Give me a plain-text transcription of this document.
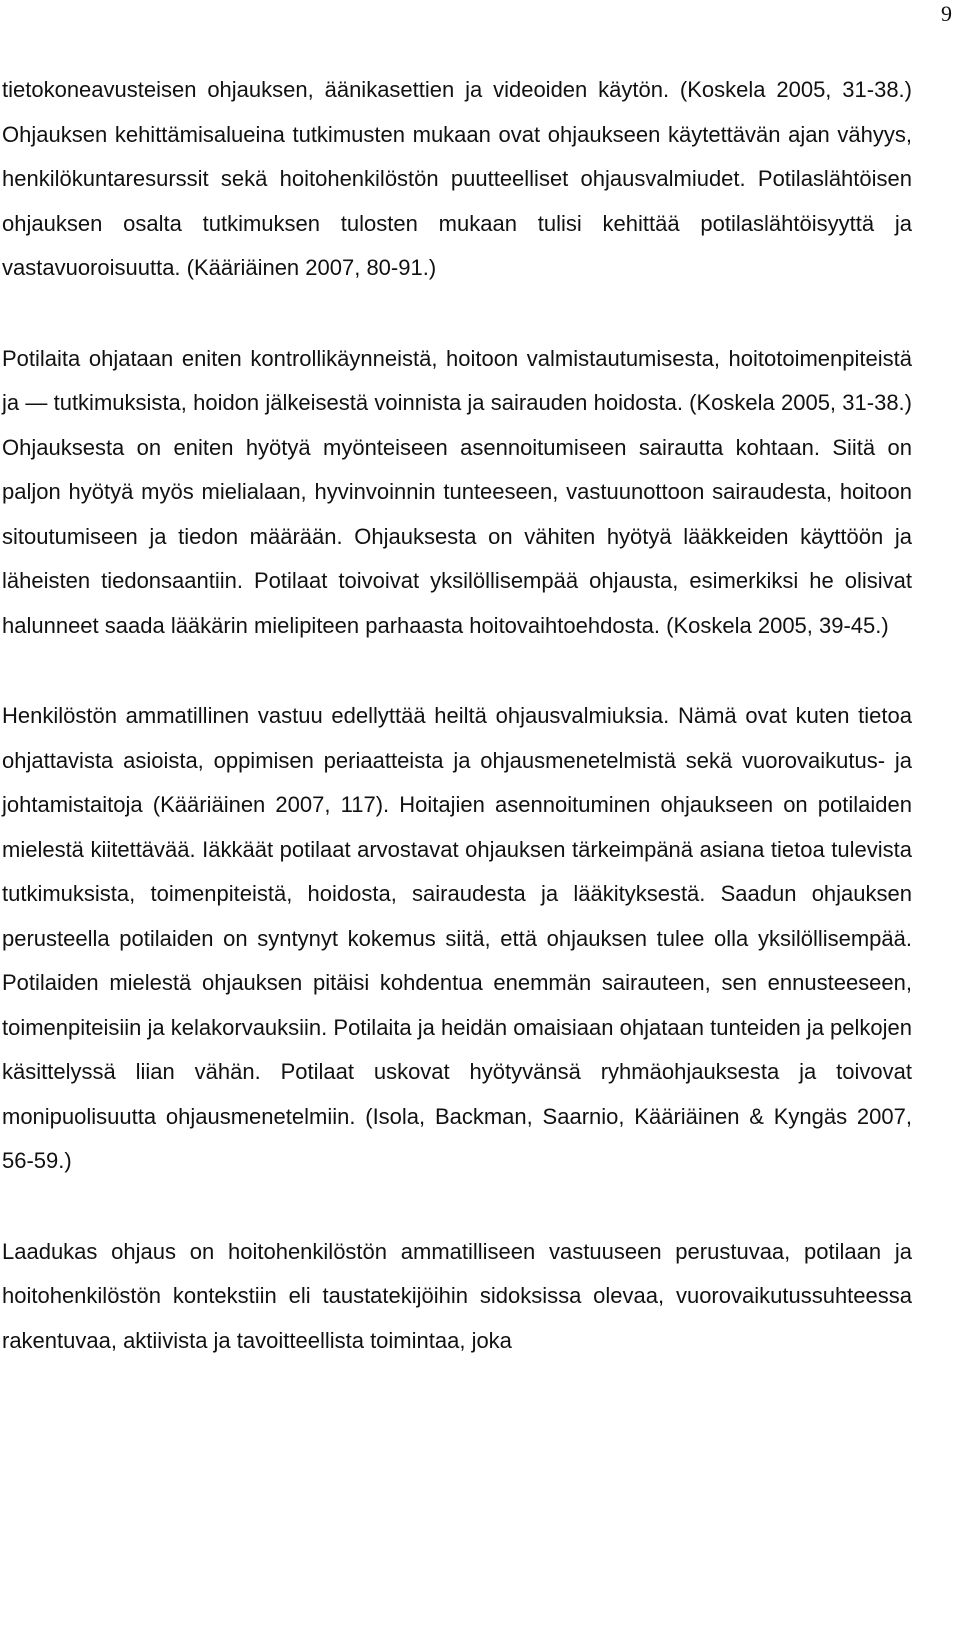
9

tietokoneavusteisen ohjauksen, äänikasettien ja videoiden käytön. (Koskela 2005, 31-38.) Ohjauksen kehittämisalueina tutkimusten mukaan ovat ohjaukseen käytettävän ajan vähyys, henkilökuntaresurssit sekä hoitohenkilöstön puutteelliset ohjausvalmiudet. Potilaslähtöisen ohjauksen osalta tutkimuksen tulosten mukaan tulisi kehittää potilaslähtöisyyttä ja vastavuoroisuutta. (Kääriäinen 2007, 80-91.)

Potilaita ohjataan eniten kontrollikäynneistä, hoitoon valmistautumisesta, hoitotoimenpiteistä ja — tutkimuksista, hoidon jälkeisestä voinnista ja sairauden hoidosta. (Koskela 2005, 31-38.) Ohjauksesta on eniten hyötyä myönteiseen asennoitumiseen sairautta kohtaan. Siitä on paljon hyötyä myös mielialaan, hyvinvoinnin tunteeseen, vastuunottoon sairaudesta, hoitoon sitoutumiseen ja tiedon määrään. Ohjauksesta on vähiten hyötyä lääkkeiden käyttöön ja läheisten tiedonsaantiin. Potilaat toivoivat yksilöllisempää ohjausta, esimerkiksi he olisivat halunneet saada lääkärin mielipiteen parhaasta hoitovaihtoehdosta. (Koskela 2005, 39-45.)

Henkilöstön ammatillinen vastuu edellyttää heiltä ohjausvalmiuksia. Nämä ovat kuten tietoa ohjattavista asioista, oppimisen periaatteista ja ohjausmenetelmistä sekä vuorovaikutus- ja johtamistaitoja (Kääriäinen 2007, 117). Hoitajien asennoituminen ohjaukseen on potilaiden mielestä kiitettävää. Iäkkäät potilaat arvostavat ohjauksen tärkeimpänä asiana tietoa tulevista tutkimuksista, toimenpiteistä, hoidosta, sairaudesta ja lääkityksestä. Saadun ohjauksen perusteella potilaiden on syntynyt kokemus siitä, että ohjauksen tulee olla yksilöllisempää. Potilaiden mielestä ohjauksen pitäisi kohdentua enemmän sairauteen, sen ennusteeseen, toimenpiteisiin ja kelakorvauksiin. Potilaita ja heidän omaisiaan ohjataan tunteiden ja pelkojen käsittelyssä liian vähän. Potilaat uskovat hyötyvänsä ryhmäohjauksesta ja toivovat monipuolisuutta ohjausmenetelmiin. (Isola, Backman, Saarnio, Kääriäinen & Kyngäs 2007, 56-59.)

Laadukas ohjaus on hoitohenkilöstön ammatilliseen vastuuseen perustuvaa, potilaan ja hoitohenkilöstön kontekstiin eli taustatekijöihin sidoksissa olevaa, vuorovaikutussuhteessa rakentuvaa, aktiivista ja tavoitteellista toimintaa, joka
